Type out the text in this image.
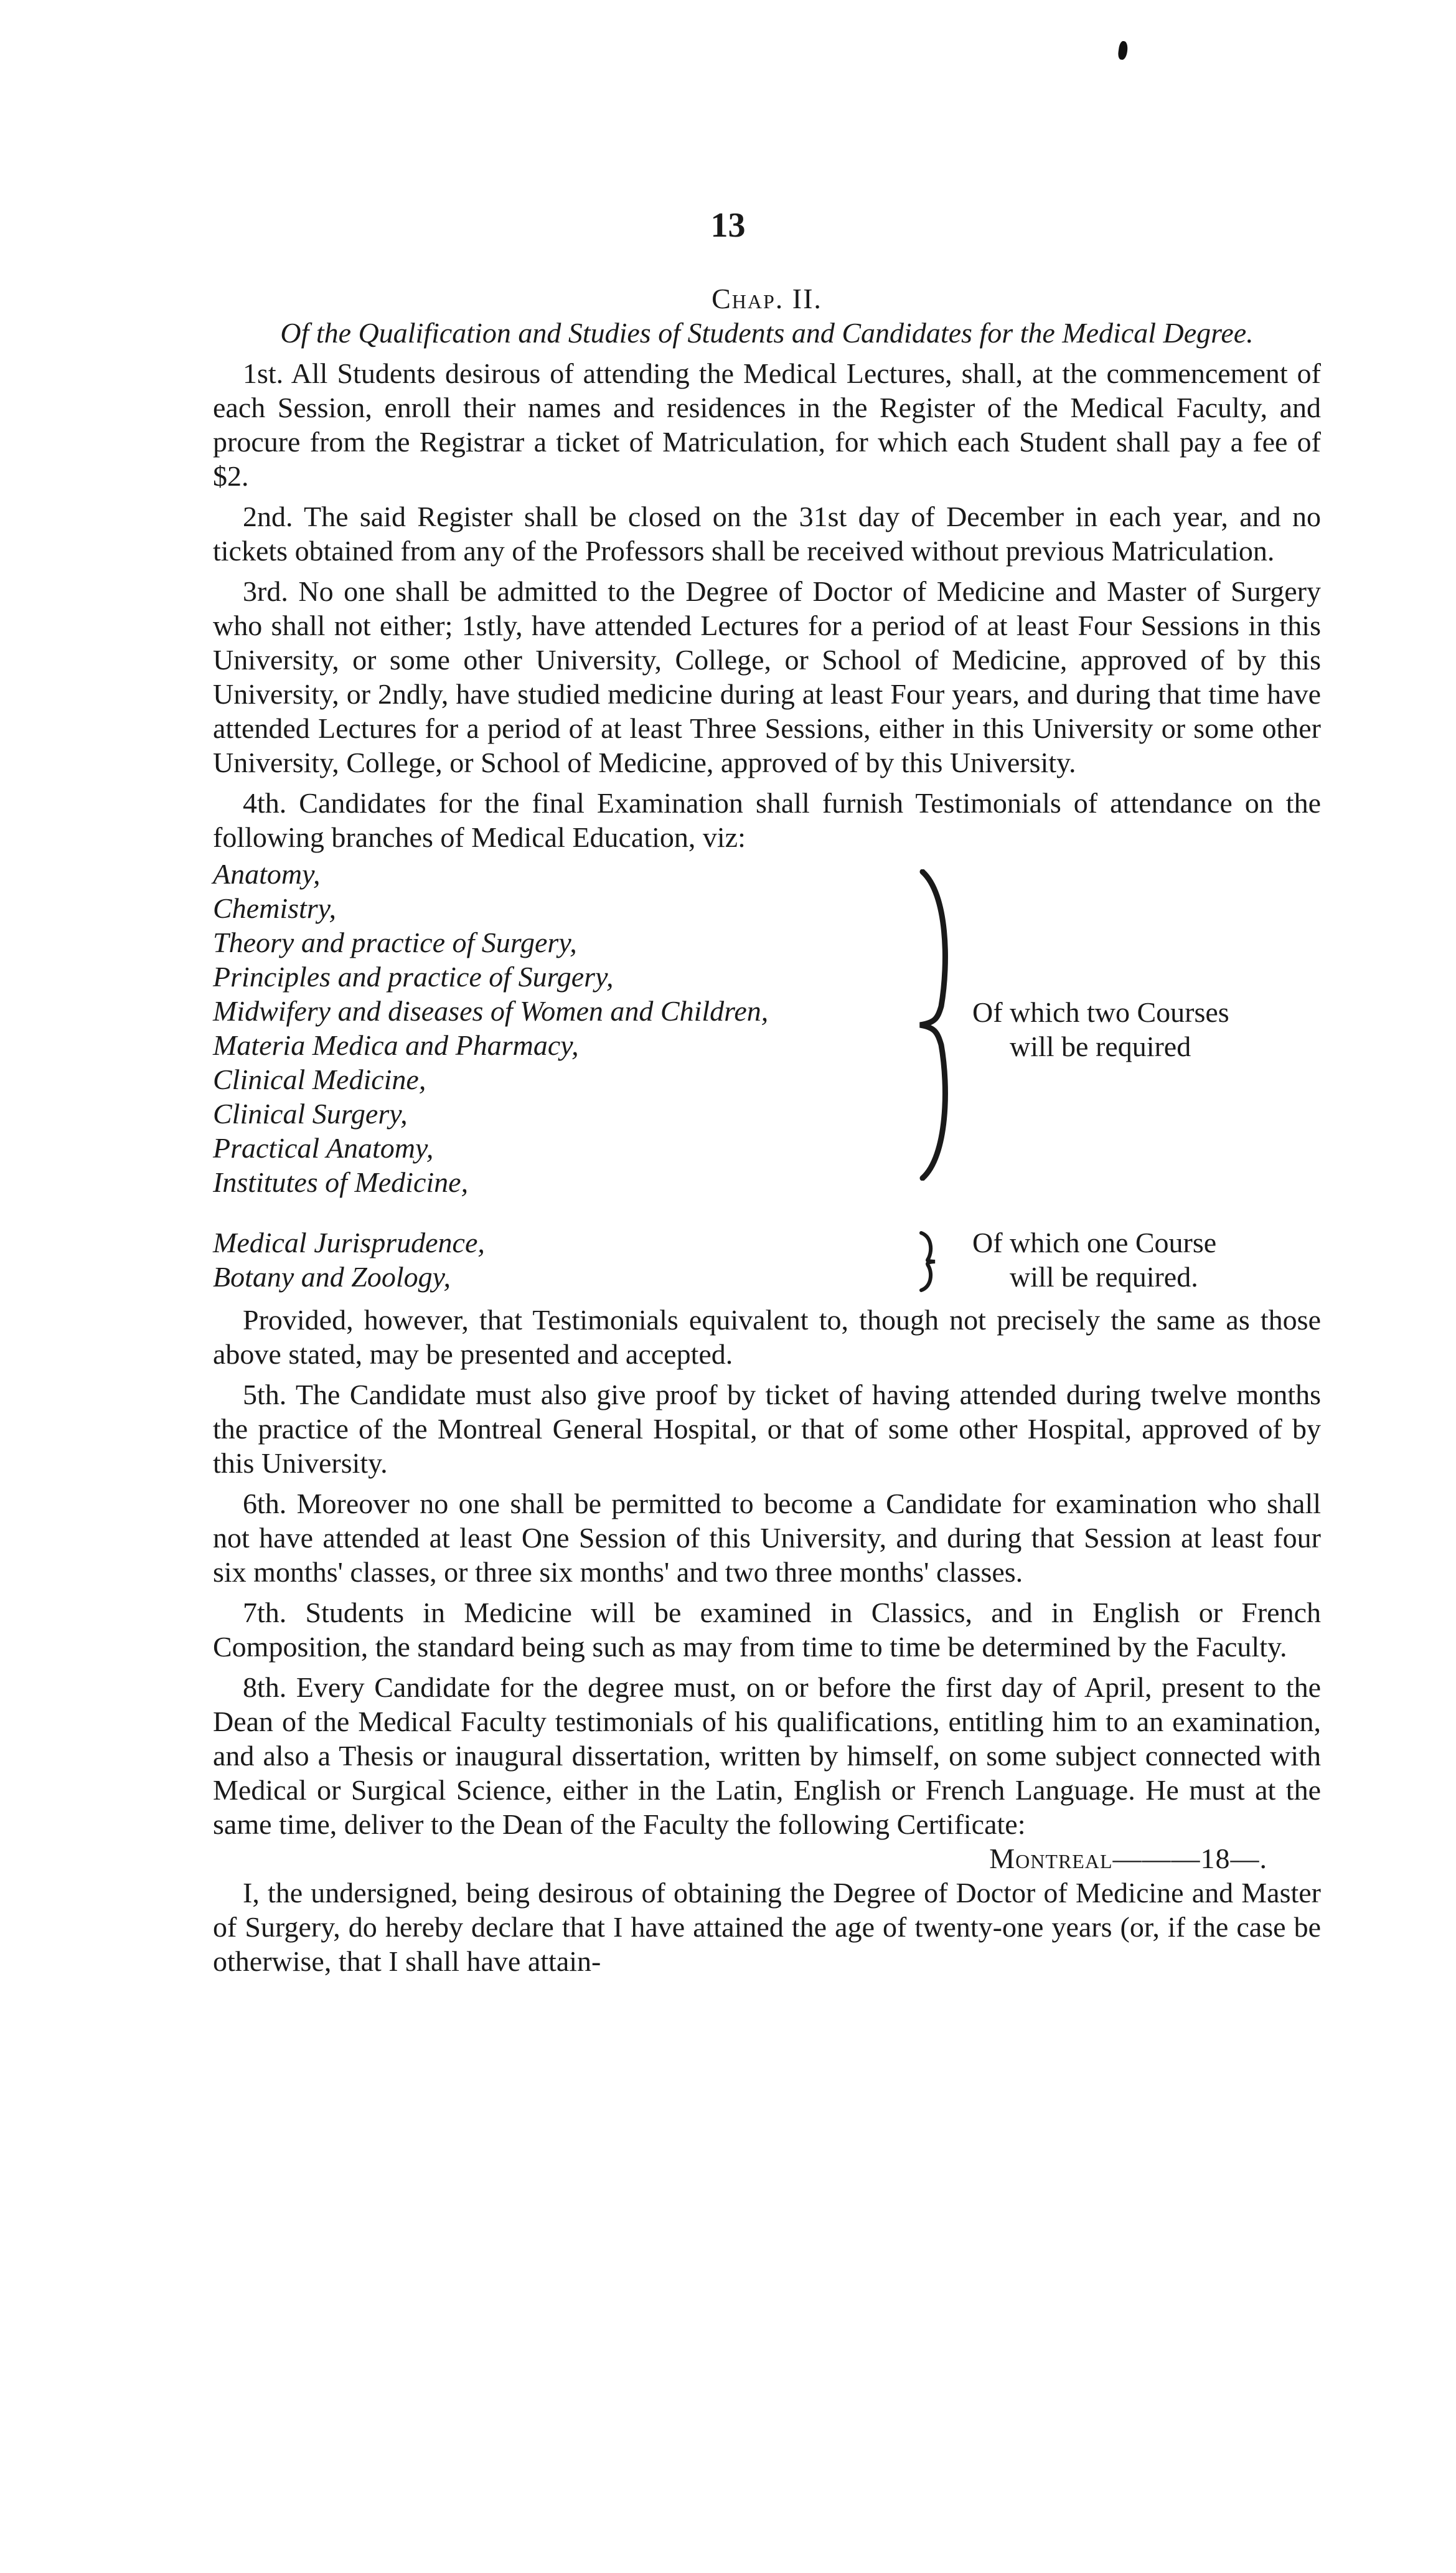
13
Chap. II.
Of the Qualification and Studies of Students and Candidates for the Medical Degree.

1st. All Students desirous of attending the Medical Lectures, shall, at the commencement of each Session, enroll their names and residences in the Register of the Medical Faculty, and procure from the Registrar a ticket of Matriculation, for which each Student shall pay a fee of $2.

2nd. The said Register shall be closed on the 31st day of December in each year, and no tickets obtained from any of the Professors shall be received without previous Matriculation.

3rd. No one shall be admitted to the Degree of Doctor of Medicine and Master of Surgery who shall not either; 1stly, have attended Lectures for a period of at least Four Sessions in this University, or some other University, College, or School of Medicine, approved of by this University, or 2ndly, have studied medicine during at least Four years, and during that time have attended Lectures for a period of at least Three Sessions, either in this University or some other University, College, or School of Medicine, approved of by this University.

4th. Candidates for the final Examination shall furnish Testimonials of attendance on the following branches of Medical Education, viz:

Anatomy,
Chemistry,
Theory and practice of Surgery,
Principles and practice of Surgery,
Midwifery and diseases of Women and Children,
Materia Medica and Pharmacy,
Clinical Medicine,
Clinical Surgery,
Practical Anatomy,
Institutes of Medicine,
Of which two Courses
will be required
Medical Jurisprudence,
Botany and Zoology,
Of which one Course
will be required.

Provided, however, that Testimonials equivalent to, though not precisely the same as those above stated, may be presented and accepted.

5th. The Candidate must also give proof by ticket of having attended during twelve months the practice of the Montreal General Hospital, or that of some other Hospital, approved of by this University.

6th. Moreover no one shall be permitted to become a Candidate for examination who shall not have attended at least One Session of this University, and during that Session at least four six months' classes, or three six months' and two three months' classes.

7th. Students in Medicine will be examined in Classics, and in English or French Composition, the standard being such as may from time to time be determined by the Faculty.

8th. Every Candidate for the degree must, on or before the first day of April, present to the Dean of the Medical Faculty testimonials of his qualifications, entitling him to an examination, and also a Thesis or inaugural dissertation, written by himself, on some subject connected with Medical or Surgical Science, either in the Latin, English or French Language. He must at the same time, deliver to the Dean of the Faculty the following Certificate:

Montreal———18—.

I, the undersigned, being desirous of obtaining the Degree of Doctor of Medicine and Master of Surgery, do hereby declare that I have attained the age of twenty-one years (or, if the case be otherwise, that I shall have attain-
